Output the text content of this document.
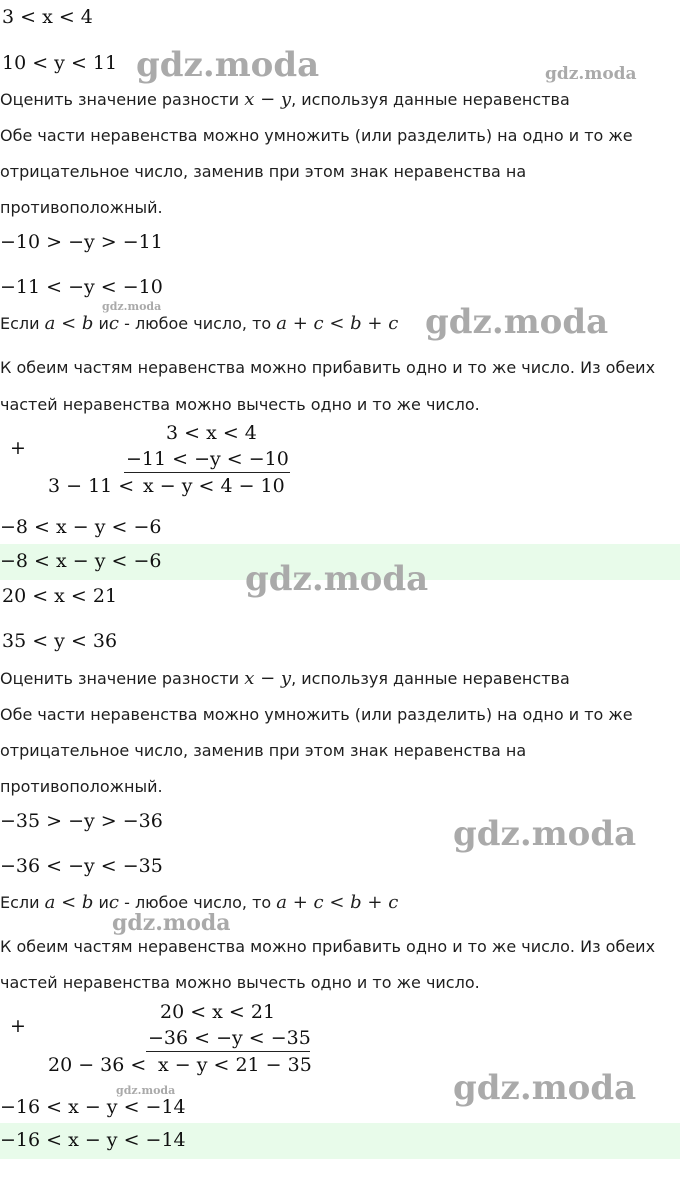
3 < x < 4
10 < y < 11
Оценить значение разности x − y, используя данные неравенства
Обе части неравенства можно умножить (или разделить) на одно и то же
отрицательное число, заменив при этом знак неравенства на
противоположный.
−10 > −y > −11
−11 < −y < −10
Если a < b иc - любое число, то a + c < b + c
К обеим частям неравенства можно прибавить одно и то же число. Из обеих
частей неравенства можно вычесть одно и то же число.
+
3 < x < 4
−11 < −y < −10
3 − 11 < x − y < 4 − 10
−8 < x − y < −6
−8 < x − y < −6
20 < x < 21
35 < y < 36
Оценить значение разности x − y, используя данные неравенства
Обе части неравенства можно умножить (или разделить) на одно и то же
отрицательное число, заменив при этом знак неравенства на
противоположный.
−35 > −y > −36
−36 < −y < −35
Если a < b иc - любое число, то a + c < b + c
К обеим частям неравенства можно прибавить одно и то же число. Из обеих
частей неравенства можно вычесть одно и то же число.
+
20 < x < 21
−36 < −y < −35
20 − 36 < x − y < 21 − 35
−16 < x − y < −14
−16 < x − y < −14
gdz.moda	gdz.moda
gdz.moda	gdz.moda
gdz.moda
gdz.moda
gdz.moda
gdz.moda	gdz.moda
